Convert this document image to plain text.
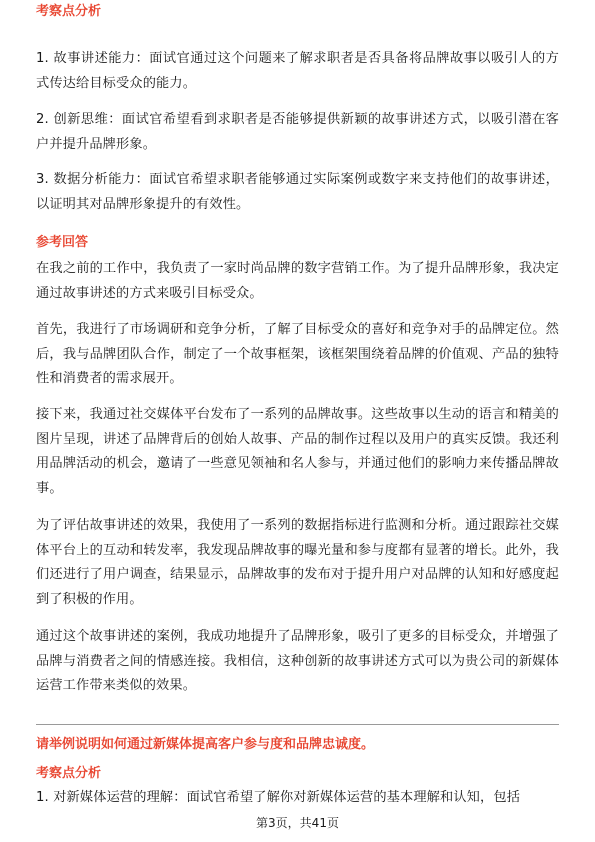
考察点分析
1. 故事讲述能力：面试官通过这个问题来了解求职者是否具备将品牌故事以吸引人的方式传达给目标受众的能力。
2. 创新思维：面试官希望看到求职者是否能够提供新颖的故事讲述方式，以吸引潜在客户并提升品牌形象。
3. 数据分析能力：面试官希望求职者能够通过实际案例或数字来支持他们的故事讲述，以证明其对品牌形象提升的有效性。
参考回答
在我之前的工作中，我负责了一家时尚品牌的数字营销工作。为了提升品牌形象，我决定通过故事讲述的方式来吸引目标受众。
首先，我进行了市场调研和竞争分析，了解了目标受众的喜好和竞争对手的品牌定位。然后，我与品牌团队合作，制定了一个故事框架，该框架围绕着品牌的价值观、产品的独特性和消费者的需求展开。
接下来，我通过社交媒体平台发布了一系列的品牌故事。这些故事以生动的语言和精美的图片呈现，讲述了品牌背后的创始人故事、产品的制作过程以及用户的真实反馈。我还利用品牌活动的机会，邀请了一些意见领袖和名人参与，并通过他们的影响力来传播品牌故事。
为了评估故事讲述的效果，我使用了一系列的数据指标进行监测和分析。通过跟踪社交媒体平台上的互动和转发率，我发现品牌故事的曝光量和参与度都有显著的增长。此外，我们还进行了用户调查，结果显示，品牌故事的发布对于提升用户对品牌的认知和好感度起到了积极的作用。
通过这个故事讲述的案例，我成功地提升了品牌形象，吸引了更多的目标受众，并增强了品牌与消费者之间的情感连接。我相信，这种创新的故事讲述方式可以为贵公司的新媒体运营工作带来类似的效果。
请举例说明如何通过新媒体提高客户参与度和品牌忠诚度。
考察点分析
1. 对新媒体运营的理解：面试官希望了解你对新媒体运营的基本理解和认知，包括
第3页，共41页
